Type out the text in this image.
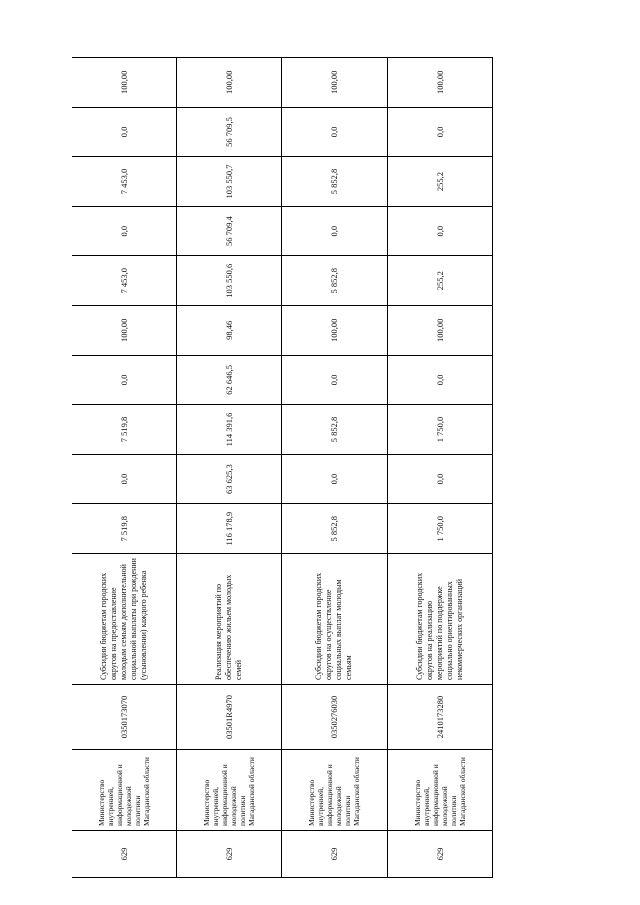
629	Министерство внутренней, информационной и молодежной политики Магаданской области	0350173070	Субсидии бюджетам городских округов на предоставление молодым семьям дополнительной социальной выплаты при рождении (усыновлении) каждого ребенка	7 519,8	0,0	7 519,8	0,0	100,00	7 453,0	0,0	7 453,0	0,0	100,00
629	Министерство внутренней, информационной и молодежной политики Магаданской области	03501R4970	Реализация мероприятий по обеспечению жильем молодых семей	116 178,9	63 625,3	114 391,6	62 646,5	98,46	103 550,6	56 709,4	103 550,7	56 709,5	100,00
629	Министерство внутренней, информационной и молодежной политики Магаданской области	0350276030	Субсидии бюджетам городских округов на осуществление социальных выплат молодым семьям	5 852,8	0,0	5 852,8	0,0	100,00	5 852,8	0,0	5 852,8	0,0	100,00
629	Министерство внутренней, информационной и молодежной политики Магаданской области	2410173280	Субсидии бюджетам городских округов на реализацию мероприятий по поддержке социально ориентированных некоммерческих организаций	1 750,0	0,0	1 750,0	0,0	100,00	255,2	0,0	255,2	0,0	100,00
